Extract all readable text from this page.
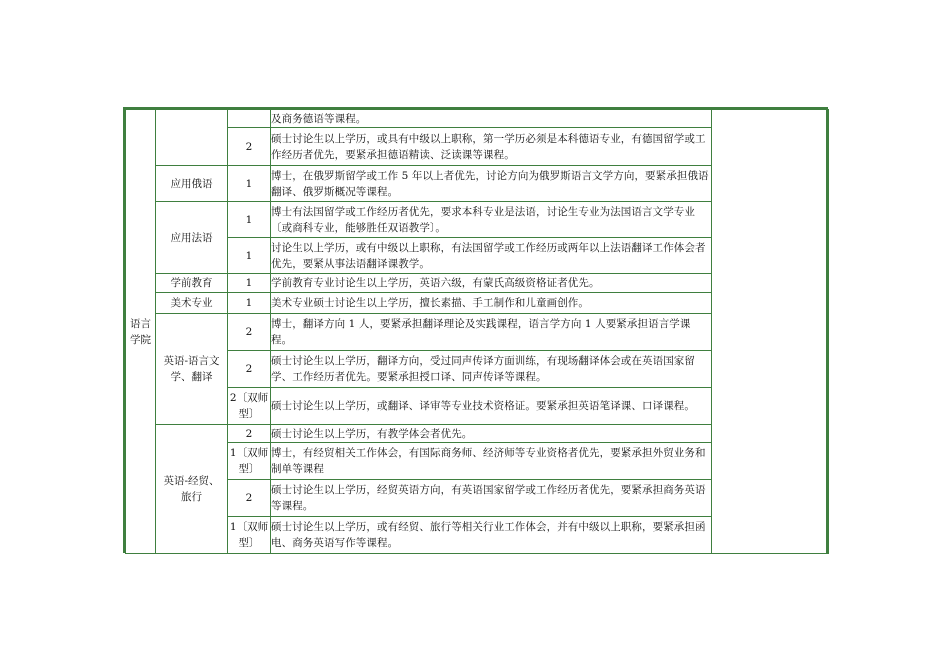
语言学院			及商务德语等课程。	
		2	硕士讨论生以上学历，或具有中级以上职称，第一学历必须是本科德语专业，有德国留学或工作经历者优先，要紧承担德语精读、泛读课等课程。	
	应用俄语	1	博士，在俄罗斯留学或工作 5 年以上者优先，讨论方向为俄罗斯语言文学方向，要紧承担俄语翻译、俄罗斯概况等课程。	
	应用法语	1	博士有法国留学或工作经历者优先，要求本科专业是法语，讨论生专业为法国语言文学专业〔或商科专业，能够胜任双语教学〕。	
		1	讨论生以上学历，或有中级以上职称，有法国留学或工作经历或两年以上法语翻译工作体会者优先，要紧从事法语翻译课教学。	
	学前教育	1	学前教育专业讨论生以上学历，英语六级，有蒙氏高级资格证者优先。	
	美术专业	1	美术专业硕士讨论生以上学历，擅长素描、手工制作和儿童画创作。	
	英语-语言文学、翻译	2	博士，翻译方向 1 人，要紧承担翻译理论及实践课程，语言学方向 1 人要紧承担语言学课程。	
		2	硕士讨论生以上学历，翻译方向，受过同声传译方面训练，有现场翻译体会或在英语国家留学、工作经历者优先。要紧承担授口译、同声传译等课程。	
		2〔双师型〕	硕士讨论生以上学历，或翻译、译审等专业技术资格证。要紧承担英语笔译课、口译课程。	
	英语-经贸、旅行	2	硕士讨论生以上学历，有教学体会者优先。	
		1〔双师型〕	博士，有经贸相关工作体会，有国际商务师、经济师等专业资格者优先，要紧承担外贸业务和制单等课程	
		2	硕士讨论生以上学历，经贸英语方向，有英语国家留学或工作经历者优先，要紧承担商务英语等课程。	
		1〔双师型〕	硕士讨论生以上学历，或有经贸、旅行等相关行业工作体会，并有中级以上职称，要紧承担函电、商务英语写作等课程。	
